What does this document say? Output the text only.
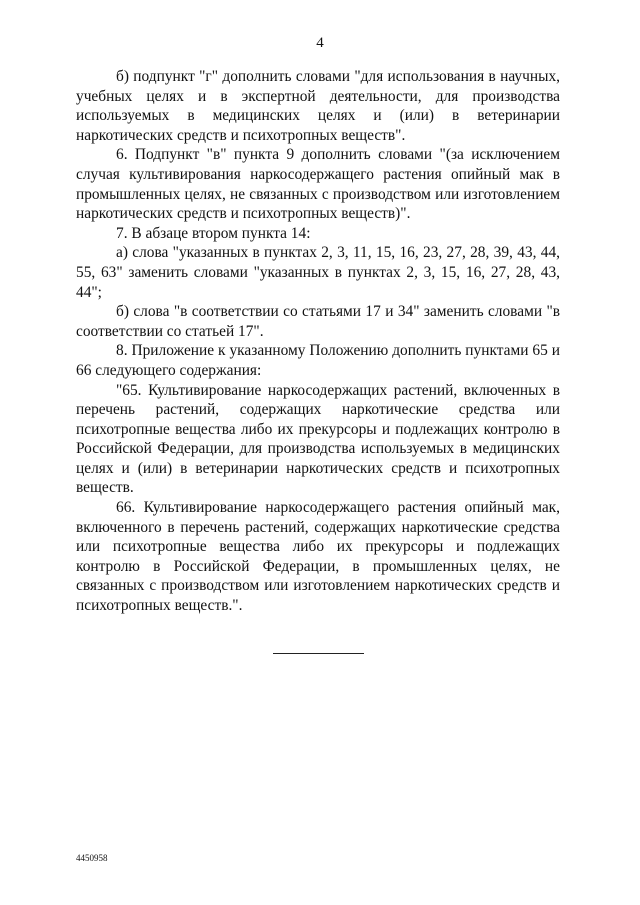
4

б) подпункт "г" дополнить словами "для использования в научных, учебных целях и в экспертной деятельности, для производства используемых в медицинских целях и (или) в ветеринарии наркотических средств и психотропных веществ".

6. Подпункт "в" пункта 9 дополнить словами "(за исключением случая культивирования наркосодержащего растения опийный мак в промышленных целях, не связанных с производством или изготовлением наркотических средств и психотропных веществ)".

7. В абзаце втором пункта 14:

а) слова "указанных в пунктах 2, 3, 11, 15, 16, 23, 27, 28, 39, 43, 44, 55, 63" заменить словами "указанных в пунктах 2, 3, 15, 16, 27, 28, 43, 44";

б) слова "в соответствии со статьями 17 и 34" заменить словами "в соответствии со статьей 17".

8. Приложение к указанному Положению дополнить пунктами 65 и 66 следующего содержания:

"65. Культивирование наркосодержащих растений, включенных в перечень растений, содержащих наркотические средства или психотропные вещества либо их прекурсоры и подлежащих контролю в Российской Федерации, для производства используемых в медицинских целях и (или) в ветеринарии наркотических средств и психотропных веществ.

66. Культивирование наркосодержащего растения опийный мак, включенного в перечень растений, содержащих наркотические средства или психотропные вещества либо их прекурсоры и подлежащих контролю в Российской Федерации, в промышленных целях, не связанных с производством или изготовлением наркотических средств и психотропных веществ.".

4450958
